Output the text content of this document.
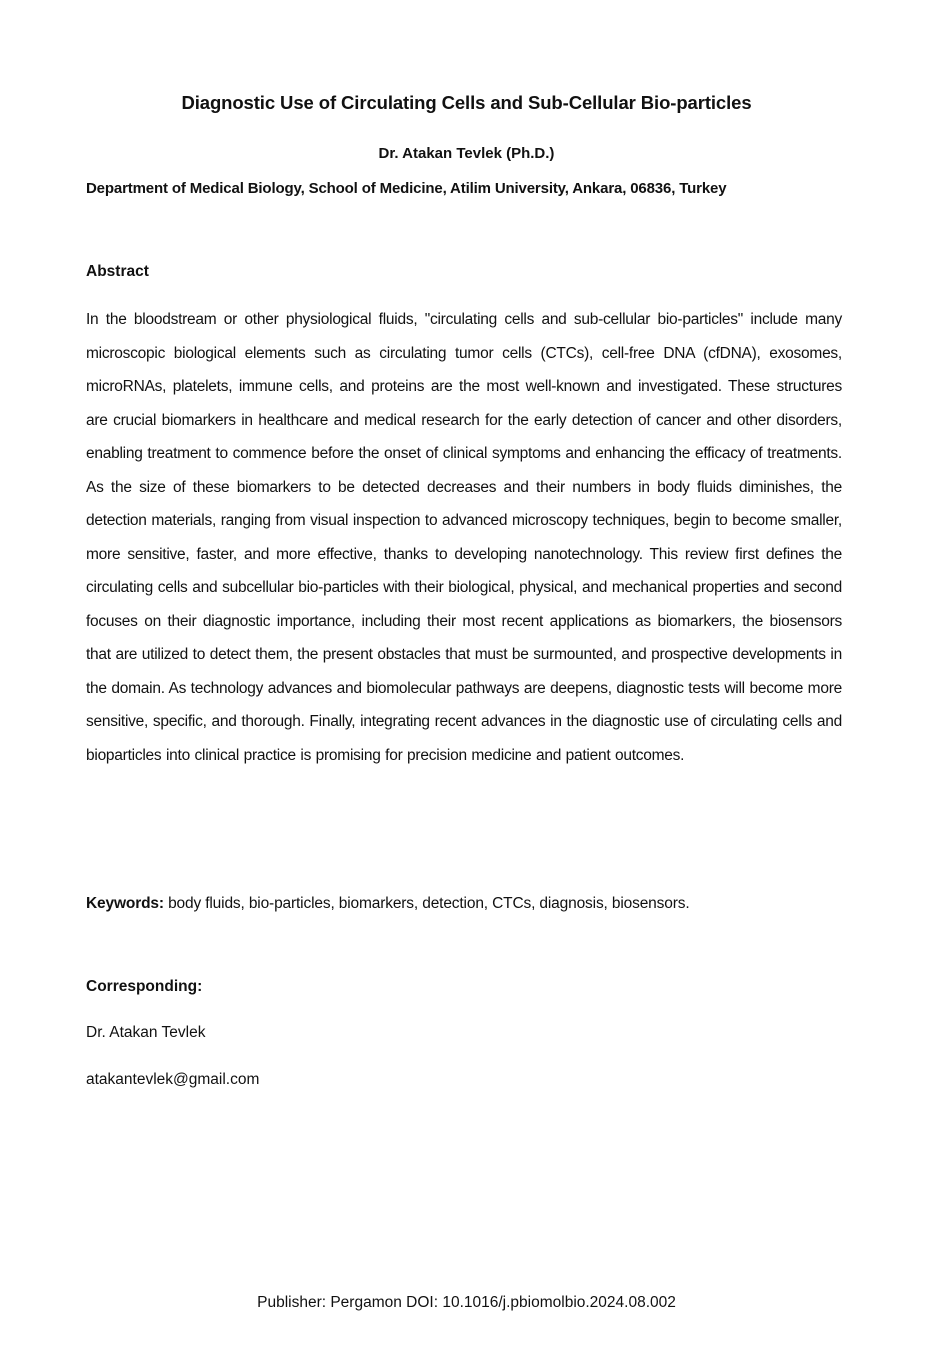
Diagnostic Use of Circulating Cells and Sub-Cellular Bio-particles
Dr. Atakan Tevlek (Ph.D.)
Department of Medical Biology, School of Medicine, Atilim University, Ankara, 06836, Turkey
Abstract
In the bloodstream or other physiological fluids, "circulating cells and sub-cellular bio-particles" include many microscopic biological elements such as circulating tumor cells (CTCs), cell-free DNA (cfDNA), exosomes, microRNAs, platelets, immune cells, and proteins are the most well-known and investigated. These structures are crucial biomarkers in healthcare and medical research for the early detection of cancer and other disorders, enabling treatment to commence before the onset of clinical symptoms and enhancing the efficacy of treatments. As the size of these biomarkers to be detected decreases and their numbers in body fluids diminishes, the detection materials, ranging from visual inspection to advanced microscopy techniques, begin to become smaller, more sensitive, faster, and more effective, thanks to developing nanotechnology. This review first defines the circulating cells and subcellular bio-particles with their biological, physical, and mechanical properties and second focuses on their diagnostic importance, including their most recent applications as biomarkers, the biosensors that are utilized to detect them, the present obstacles that must be surmounted, and prospective developments in the domain. As technology advances and biomolecular pathways are deepens, diagnostic tests will become more sensitive, specific, and thorough. Finally, integrating recent advances in the diagnostic use of circulating cells and bioparticles into clinical practice is promising for precision medicine and patient outcomes.
Keywords: body fluids, bio-particles, biomarkers, detection, CTCs, diagnosis, biosensors.
Corresponding:
Dr. Atakan Tevlek
atakantevlek@gmail.com
Publisher: Pergamon DOI: 10.1016/j.pbiomolbio.2024.08.002
